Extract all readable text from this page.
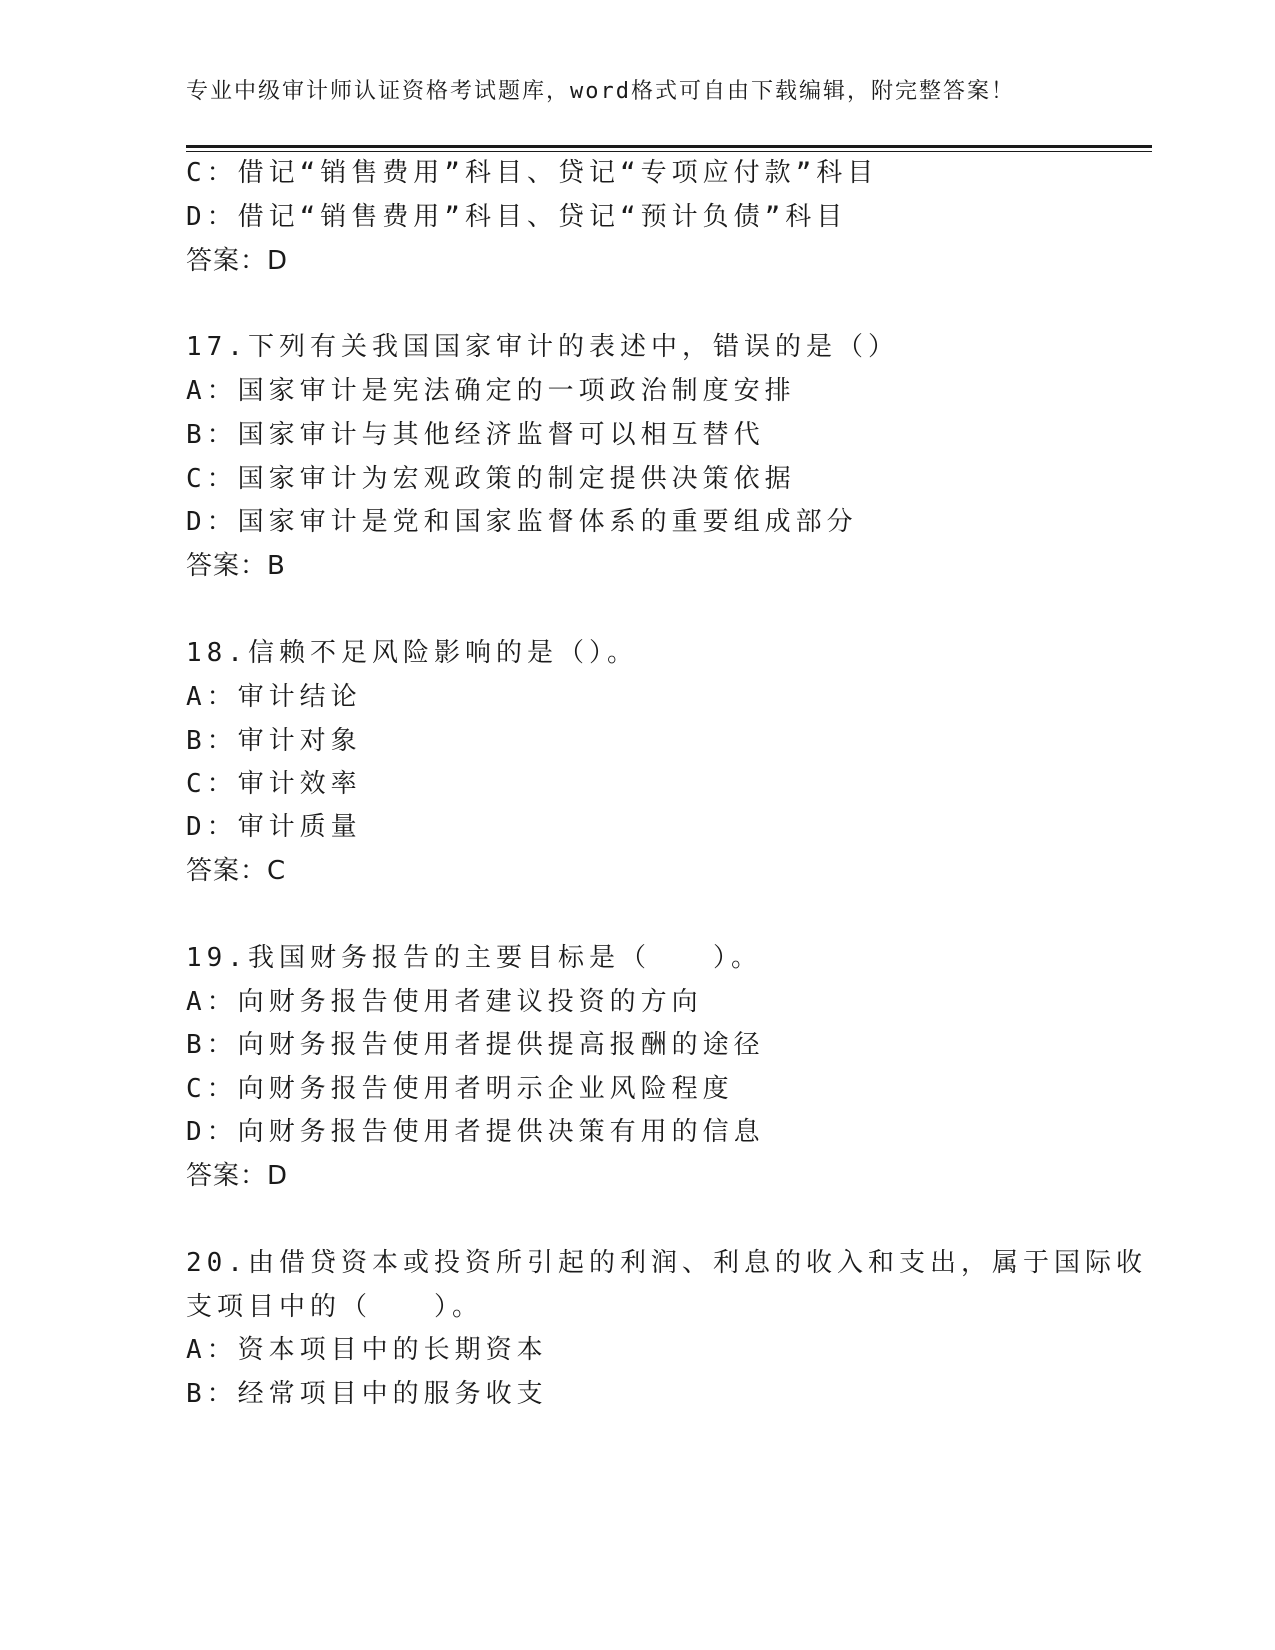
专业中级审计师认证资格考试题库，word格式可自由下载编辑，附完整答案！
C：借记“销售费用”科目、贷记“专项应付款”科目
D：借记“销售费用”科目、贷记“预计负债”科目
答案：D
17.下列有关我国国家审计的表述中，错误的是（）
A：国家审计是宪法确定的一项政治制度安排
B：国家审计与其他经济监督可以相互替代
C：国家审计为宏观政策的制定提供决策依据
D：国家审计是党和国家监督体系的重要组成部分
答案：B
18.信赖不足风险影响的是（）。
A：审计结论
B：审计对象
C：审计效率
D：审计质量
答案：C
19.我国财务报告的主要目标是（　　）。
A：向财务报告使用者建议投资的方向
B：向财务报告使用者提供提高报酬的途径
C：向财务报告使用者明示企业风险程度
D：向财务报告使用者提供决策有用的信息
答案：D
20.由借贷资本或投资所引起的利润、利息的收入和支出，属于国际收
支项目中的（　　）。
A：资本项目中的长期资本
B：经常项目中的服务收支
